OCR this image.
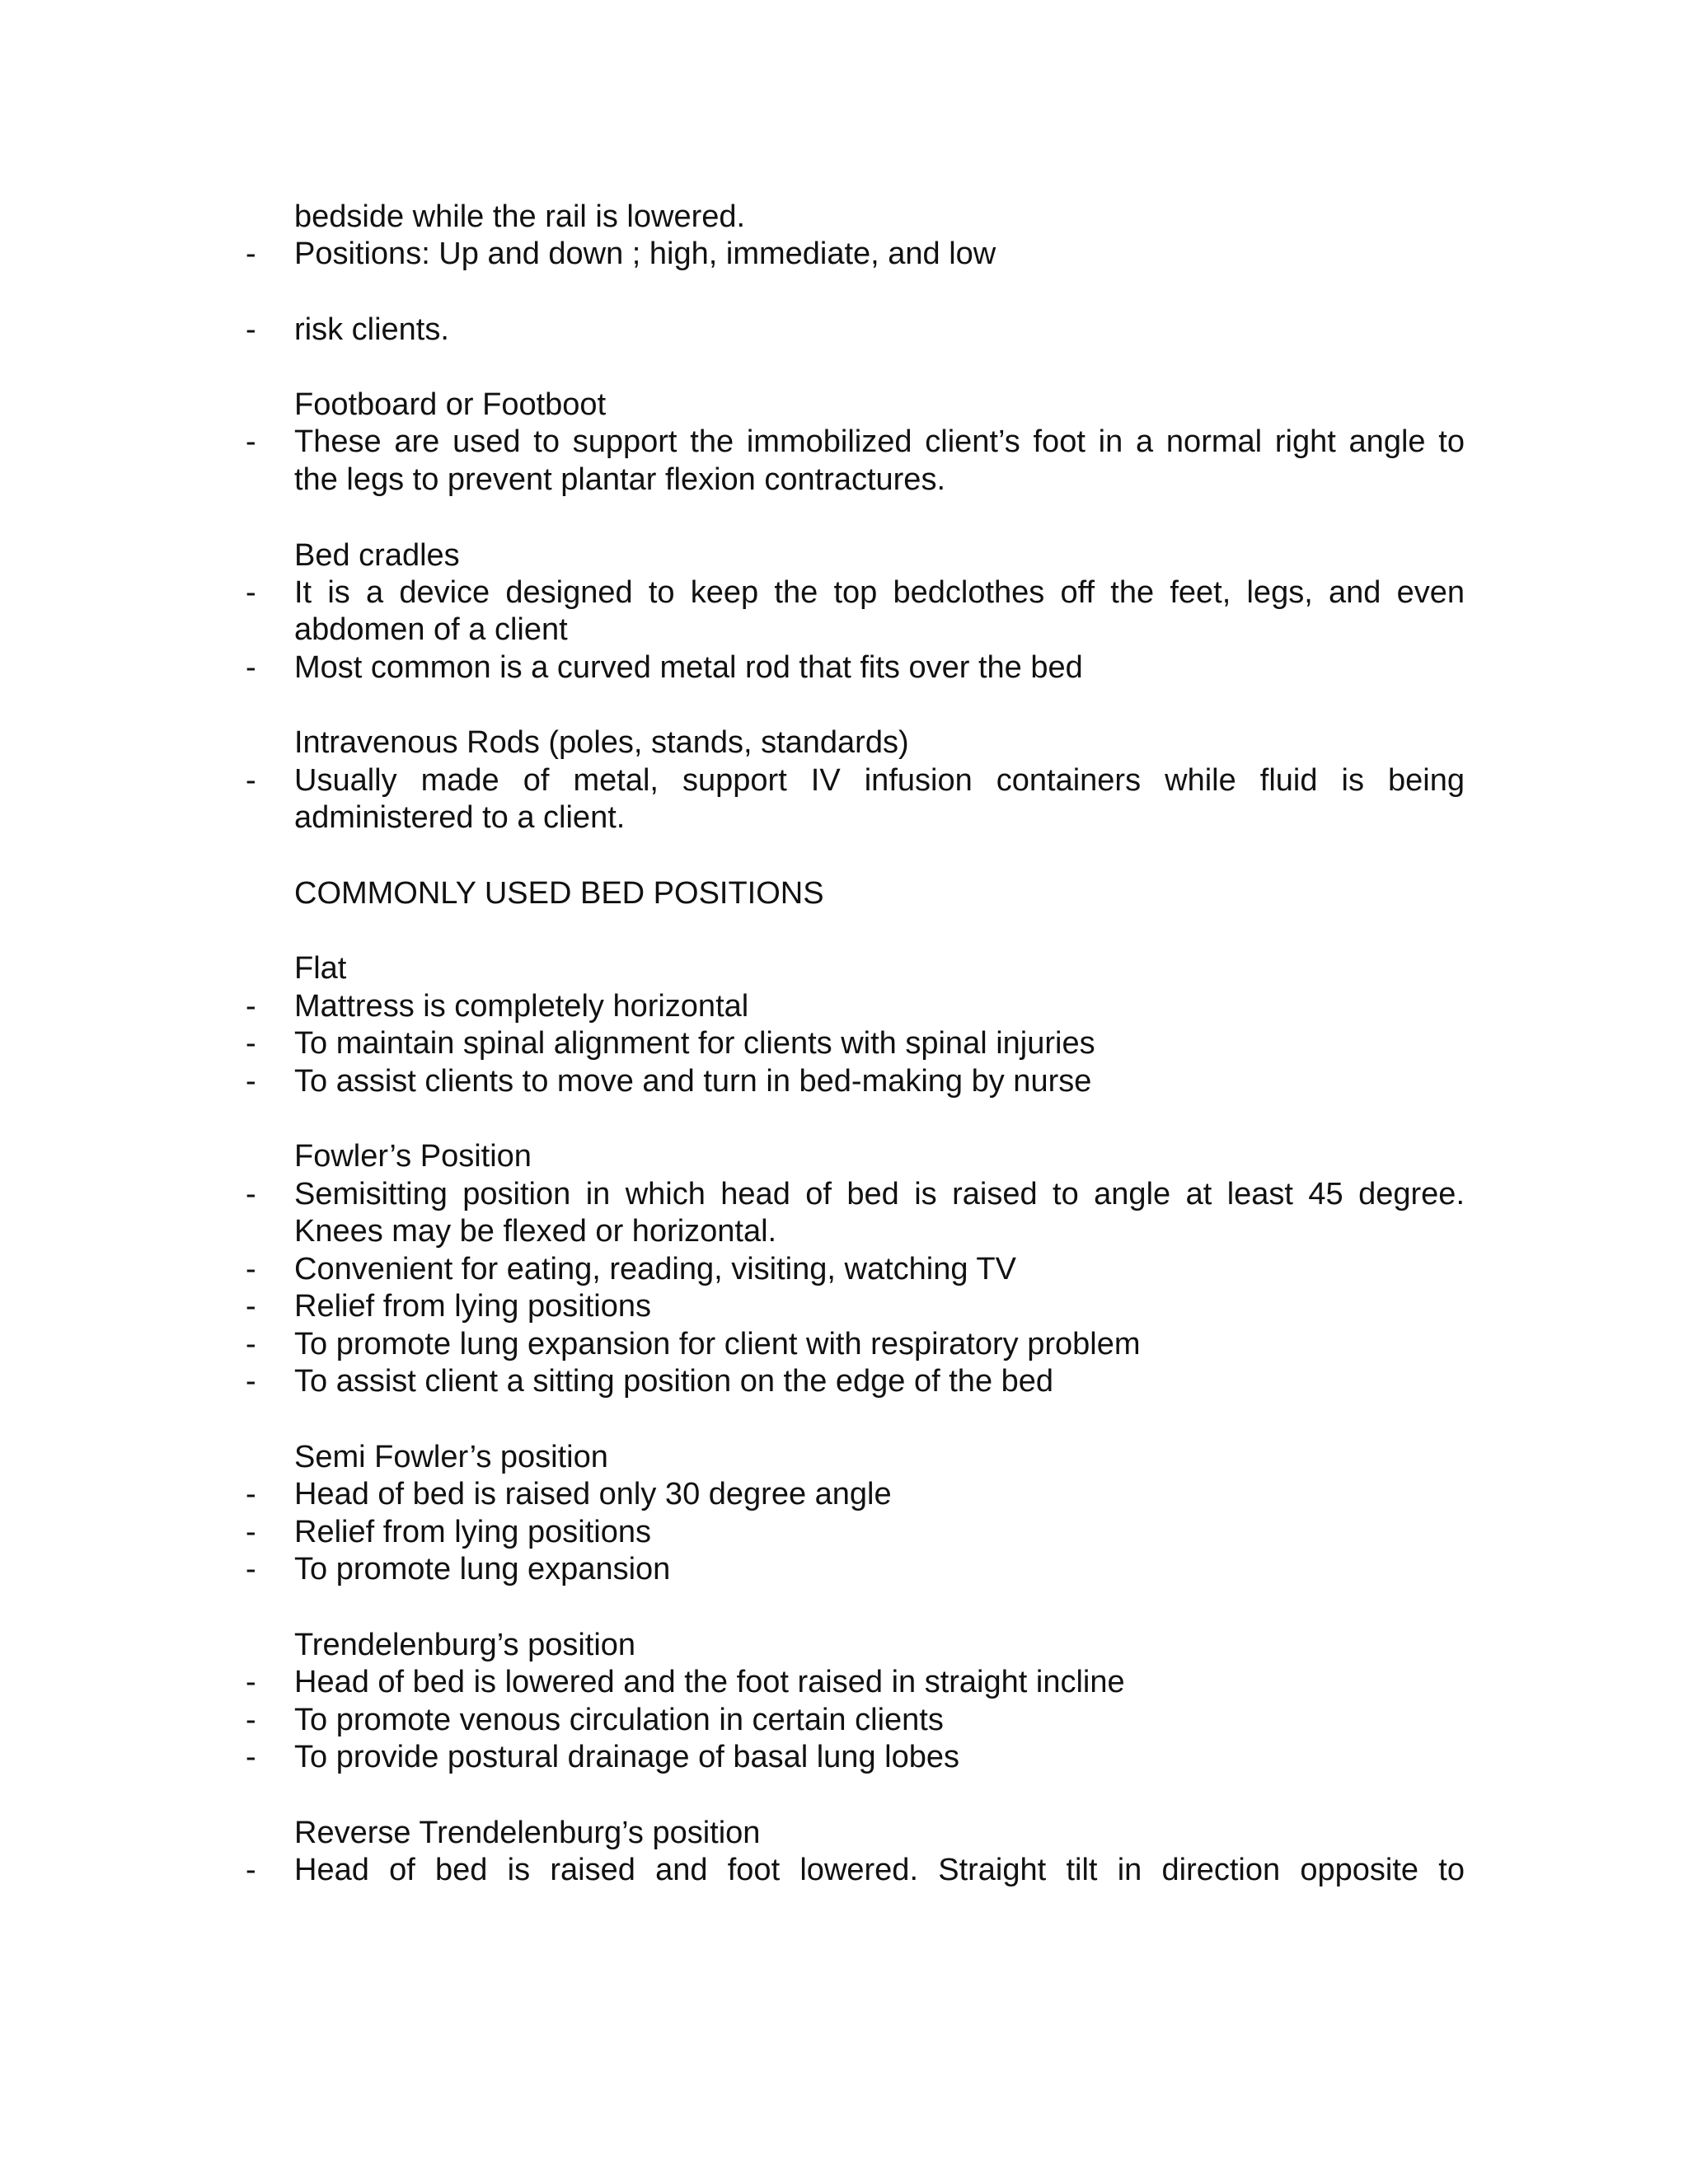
bedside while the rail is lowered.
- Positions: Up and down ; high, immediate, and low
- risk clients.
Footboard or Footboot
- These are used to support the immobilized client’s foot in a normal right angle to
the legs to prevent plantar flexion contractures.
Bed cradles
- It is a device designed to keep the top bedclothes off the feet, legs, and even
abdomen of a client
- Most common is a curved metal rod that fits over the bed
Intravenous Rods (poles, stands, standards)
- Usually made of metal, support IV infusion containers while fluid is being
administered to a client.
COMMONLY USED BED POSITIONS
Flat
- Mattress is completely horizontal
- To maintain spinal alignment for clients with spinal injuries
- To assist clients to move and turn in bed-making by nurse
Fowler’s Position
- Semisitting position in which head of bed is raised to angle at least 45 degree.
Knees may be flexed or horizontal.
- Convenient for eating, reading, visiting, watching TV
- Relief from lying positions
- To promote lung expansion for client with respiratory problem
- To assist client a sitting position on the edge of the bed
Semi Fowler’s position
- Head of bed is raised only 30 degree angle
- Relief from lying positions
- To promote lung expansion
Trendelenburg’s position
- Head of bed is lowered and the foot raised in straight incline
- To promote venous circulation in certain clients
- To provide postural drainage of basal lung lobes
Reverse Trendelenburg’s position
- Head of bed is raised and foot lowered. Straight tilt in direction opposite to
